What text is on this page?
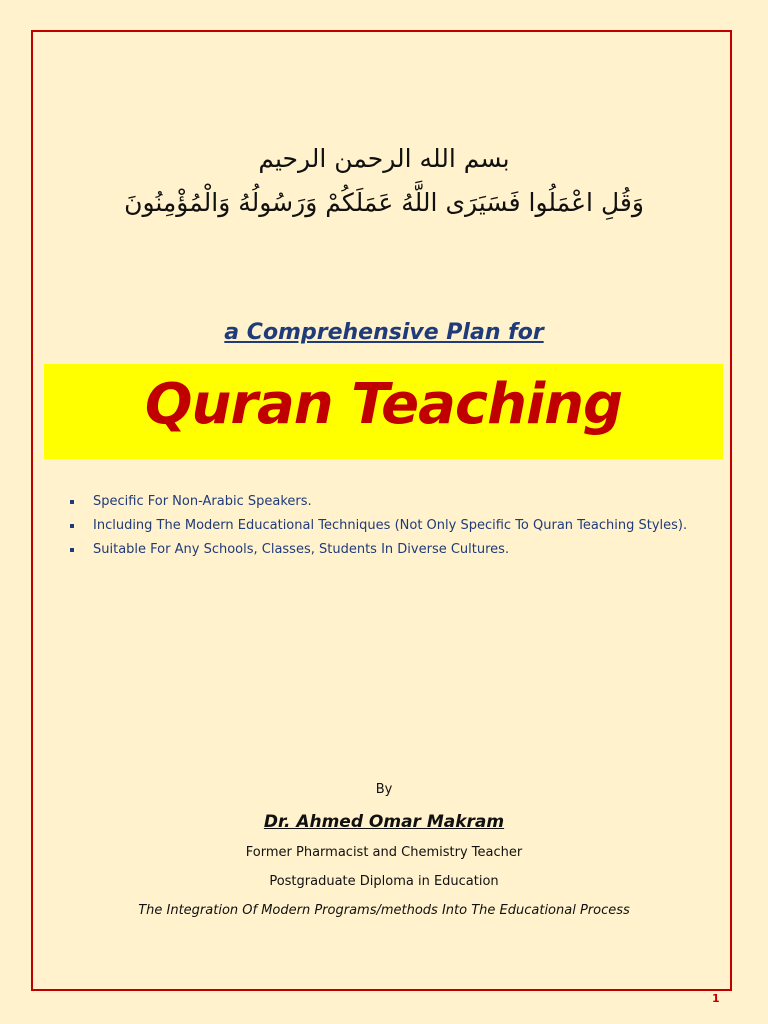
بسم الله الرحمن الرحيم
وَقُلِ اعْمَلُوا فَسَيَرَى اللَّهُ عَمَلَكُمْ وَرَسُولُهُ وَالْمُؤْمِنُونَ
a Comprehensive Plan for
Quran Teaching
Specific For Non-Arabic Speakers.
Including The Modern Educational Techniques (Not Only Specific To Quran Teaching Styles).
Suitable For Any Schools, Classes, Students In Diverse Cultures.
By
Dr. Ahmed Omar Makram
Former Pharmacist and Chemistry Teacher
Postgraduate Diploma in Education
The Integration Of Modern Programs/methods Into The Educational Process
1
